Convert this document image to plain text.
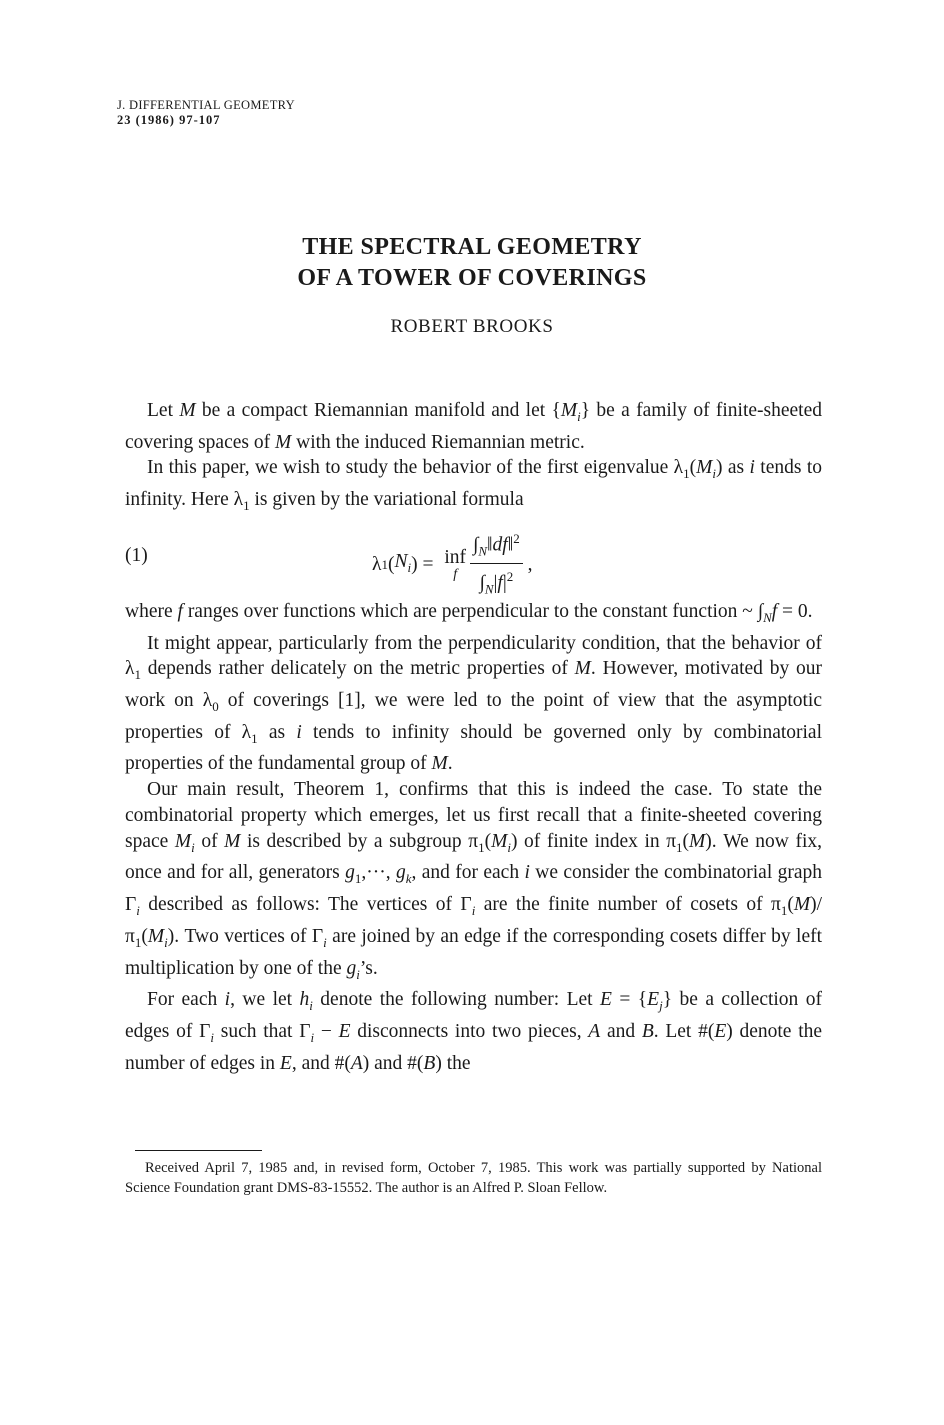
J. DIFFERENTIAL GEOMETRY
23 (1986) 97-107
THE SPECTRAL GEOMETRY
OF A TOWER OF COVERINGS
ROBERT BROOKS

Let M be a compact Riemannian manifold and let $\{M_i\}$ be a family of finite-sheeted covering spaces of M with the induced Riemannian metric.

In this paper, we wish to study the behavior of the first eigenvalue $\lambda_1(M_i)$ as i tends to infinity. Here $\lambda_1$ is given by the variational formula

(1)	λ 1 ( $N_i$ ) = inf
f $\frac{\int_N‖df‖^2}{\int_N|f|^2}$ ,

where f ranges over functions which are perpendicular to the constant function ~ $\int_Nf = 0$.

It might appear, particularly from the perpendicularity condition, that the behavior of $\lambda_1$ depends rather delicately on the metric properties of M. However, motivated by our work on $\lambda_0$ of coverings [1], we were led to the point of view that the asymptotic properties of $\lambda_1$ as i tends to infinity should be governed only by combinatorial properties of the fundamental group of M.

Our main result, Theorem 1, confirms that this is indeed the case. To state the combinatorial property which emerges, let us first recall that a finite-sheeted covering space $M_i$ of M is described by a subgroup $\pi_1(M_i)$ of finite index in $\pi_1(M)$. We now fix, once and for all, generators $g_1,\cdot\cdot\cdot$, $g_k$, and for each i we consider the combinatorial graph $\Gamma_i$ described as follows: The vertices of $\Gamma_i$ are the finite number of cosets of $\pi_1(M)/\pi_1(M_i)$. Two vertices of $\Gamma_i$ are joined by an edge if the corresponding cosets differ by left multiplication by one of the $g_i’s$.

For each i, we let $h_i$ denote the following number: Let $E = \{E_j\}$ be a collection of edges of $\Gamma_i$ such that $\Gamma_i - E$ disconnects into two pieces, A and B. Let #(E) denote the number of edges in E, and #(A) and #(B) the

Received April 7, 1985 and, in revised form, October 7, 1985. This work was partially supported by National Science Foundation grant DMS-83-15552. The author is an Alfred P. Sloan Fellow.
